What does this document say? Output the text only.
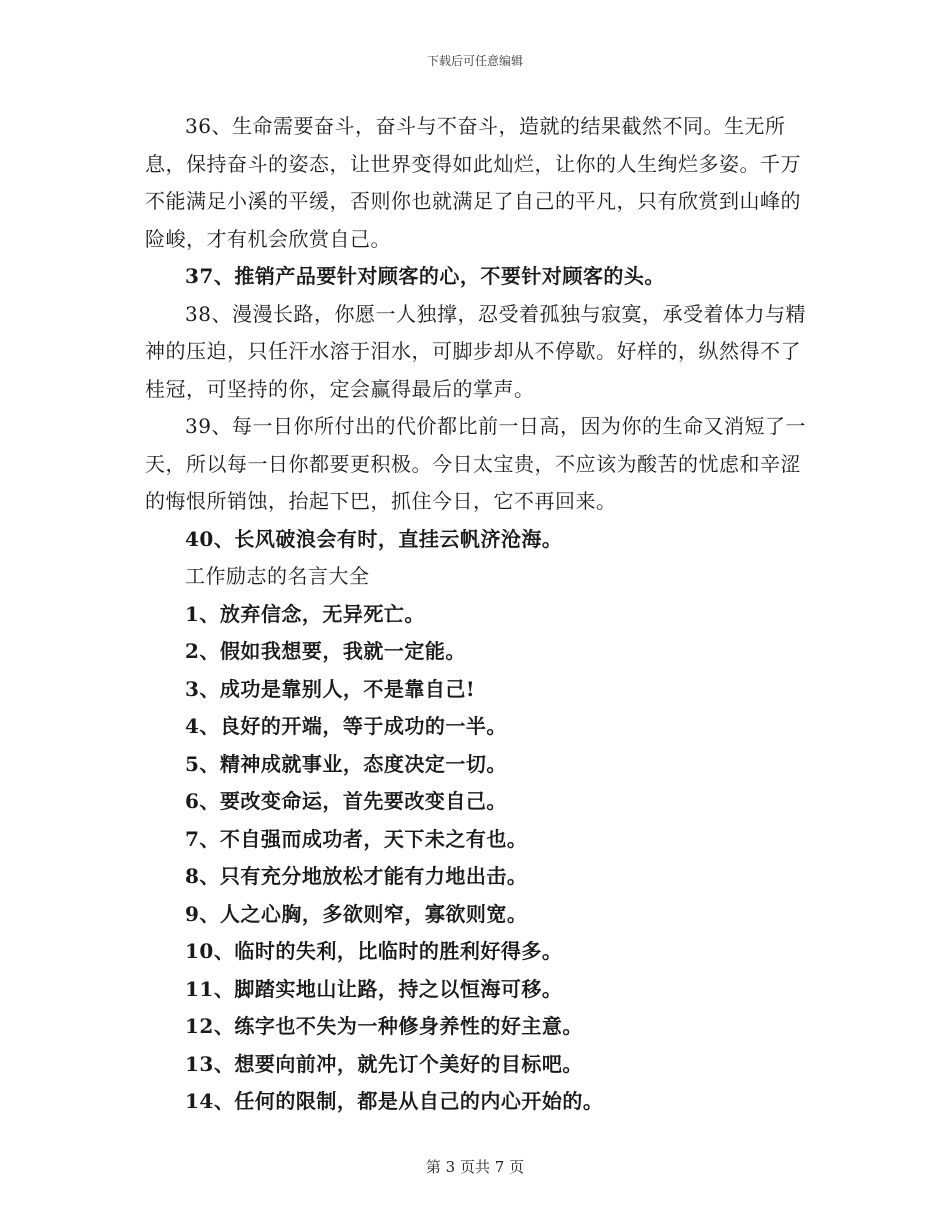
下载后可任意编辑

36、生命需要奋斗，奋斗与不奋斗，造就的结果截然不同。生无所息，保持奋斗的姿态，让世界变得如此灿烂，让你的人生绚烂多姿。千万不能满足小溪的平缓，否则你也就满足了自己的平凡，只有欣赏到山峰的险峻，才有机会欣赏自己。

37、推销产品要针对顾客的心，不要针对顾客的头。

38、漫漫长路，你愿一人独撑，忍受着孤独与寂寞，承受着体力与精神的压迫，只任汗水溶于泪水，可脚步却从不停歇。好样的，纵然得不了桂冠，可坚持的你，定会赢得最后的掌声。

39、每一日你所付出的代价都比前一日高，因为你的生命又消短了一天，所以每一日你都要更积极。今日太宝贵，不应该为酸苦的忧虑和辛涩的悔恨所销蚀，抬起下巴，抓住今日，它不再回来。

40、长风破浪会有时，直挂云帆济沧海。

工作励志的名言大全

1、放弃信念，无异死亡。

2、假如我想要，我就一定能。

3、成功是靠别人，不是靠自己!

4、良好的开端，等于成功的一半。

5、精神成就事业，态度决定一切。

6、要改变命运，首先要改变自己。

7、不自强而成功者，天下未之有也。

8、只有充分地放松才能有力地出击。

9、人之心胸，多欲则窄，寡欲则宽。

10、临时的失利，比临时的胜利好得多。

11、脚踏实地山让路，持之以恒海可移。

12、练字也不失为一种修身养性的好主意。

13、想要向前冲，就先订个美好的目标吧。

14、任何的限制，都是从自己的内心开始的。

第 3 页共 7 页
